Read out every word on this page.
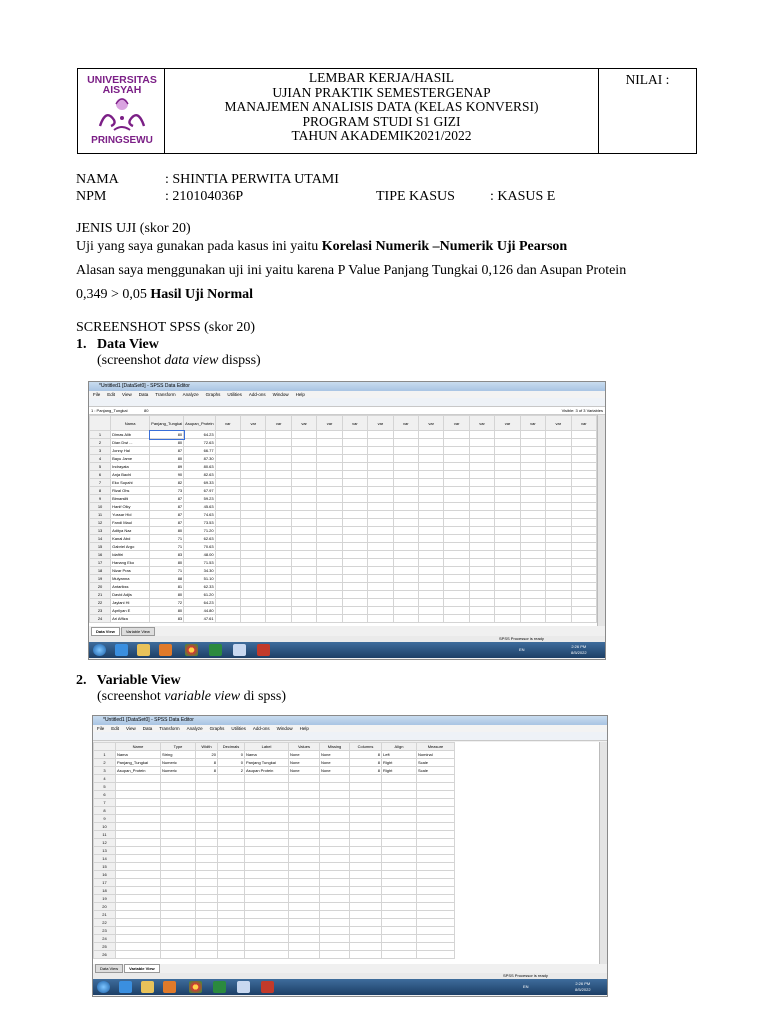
UNIVERSITAS
AISYAH
PRINGSEWU
LEMBAR KERJA/HASIL
UJIAN PRAKTIK SEMESTERGENAP
MANAJEMEN ANALISIS DATA (KELAS KONVERSI)
PROGRAM STUDI S1 GIZI
TAHUN AKADEMIK2021/2022
NILAI :
NAMA	: SHINTIA PERWITA UTAMI
NPM	: 210104036P	TIPE KASUS	: KASUS E
JENIS UJI (skor 20)
Uji yang saya gunakan pada kasus ini yaitu Korelasi Numerik –Numerik Uji Pearson
Alasan saya menggunakan uji ini yaitu karena P Value Panjang Tungkai 0,126 dan Asupan Protein
0,349 > 0,05 Hasil Uji Normal
SCREENSHOT SPSS (skor 20)
1.   Data View
(screenshot data view dispss)
*Untitled1 [DataSet0] - SPSS Data Editor
File Edit View Data Transform Analyze Graphs Utilities Add-ons Window Help
1 : Panjang_Tungkai	80	Visible: 3 of 3 Variables
	Nama	Panjang_Tungkai	Asupan_Protein	var	var	var	var	var	var	var	var	var	var	var	var	var	var	var
1	Dimas Alib	80	64.23															
2	Dian Dwi ...	80	72.63															
3	Jonny Hal	87	66.77															
4	Bayu Jame	80	87.30															
5	Indrayata	89	80.63															
6	Anja Bachl	90	82.63															
7	Eko Supahi	82	69.33															
8	Rizal Ohs	73	67.97															
9	Bimarsilti	87	59.23															
10	Hanif Olky	87	45.63															
11	Yussar Hid	87	74.63															
12	Fandi Maul	87	73.53															
13	Aditya Naz	80	71.20															
14	Kanal Abd	71	62.63															
15	Gabriel Argo	71	70.63															
16	Idafitri	83	48.00															
17	Hanang Eko	80	71.53															
18	Nizar Pras	71	34.30															
19	Mulyanna	88	51.10															
20	Antarikss	81	62.33															
21	David Adjis	80	61.20															
22	Jaylani Hi	72	64.23															
23	Aprilyan E	80	44.80															
24	Ari Affiza	83	47.61															
Data View	Variable View
SPSS Processor is ready
EN
2:26 PM
8/5/2022
2.   Variable View
(screenshot variable view di spss)
*Untitled1 [DataSet0] - SPSS Data Editor
File Edit View Data Transform Analyze Graphs Utilities Add-ons Window Help
	Name	Type	Width	Decimals	Label	Values	Missing	Columns	Align	Measure
1	Nama	String	20	0	Nama	None	None	8	Left	Nominal
2	Panjang_Tungkai	Numeric	8	0	Panjang Tungkai	None	None	8	Right	Scale
3	Asupan_Protein	Numeric	8	2	Asupan Protein	None	None	8	Right	Scale
4										
5										
6										
7										
8										
9										
10										
11										
12										
13										
14										
15										
16										
17										
18										
19										
20										
21										
22										
23										
24										
25										
26										
Data View	Variable View
SPSS Processor is ready
EN
2:26 PM
8/5/2022
